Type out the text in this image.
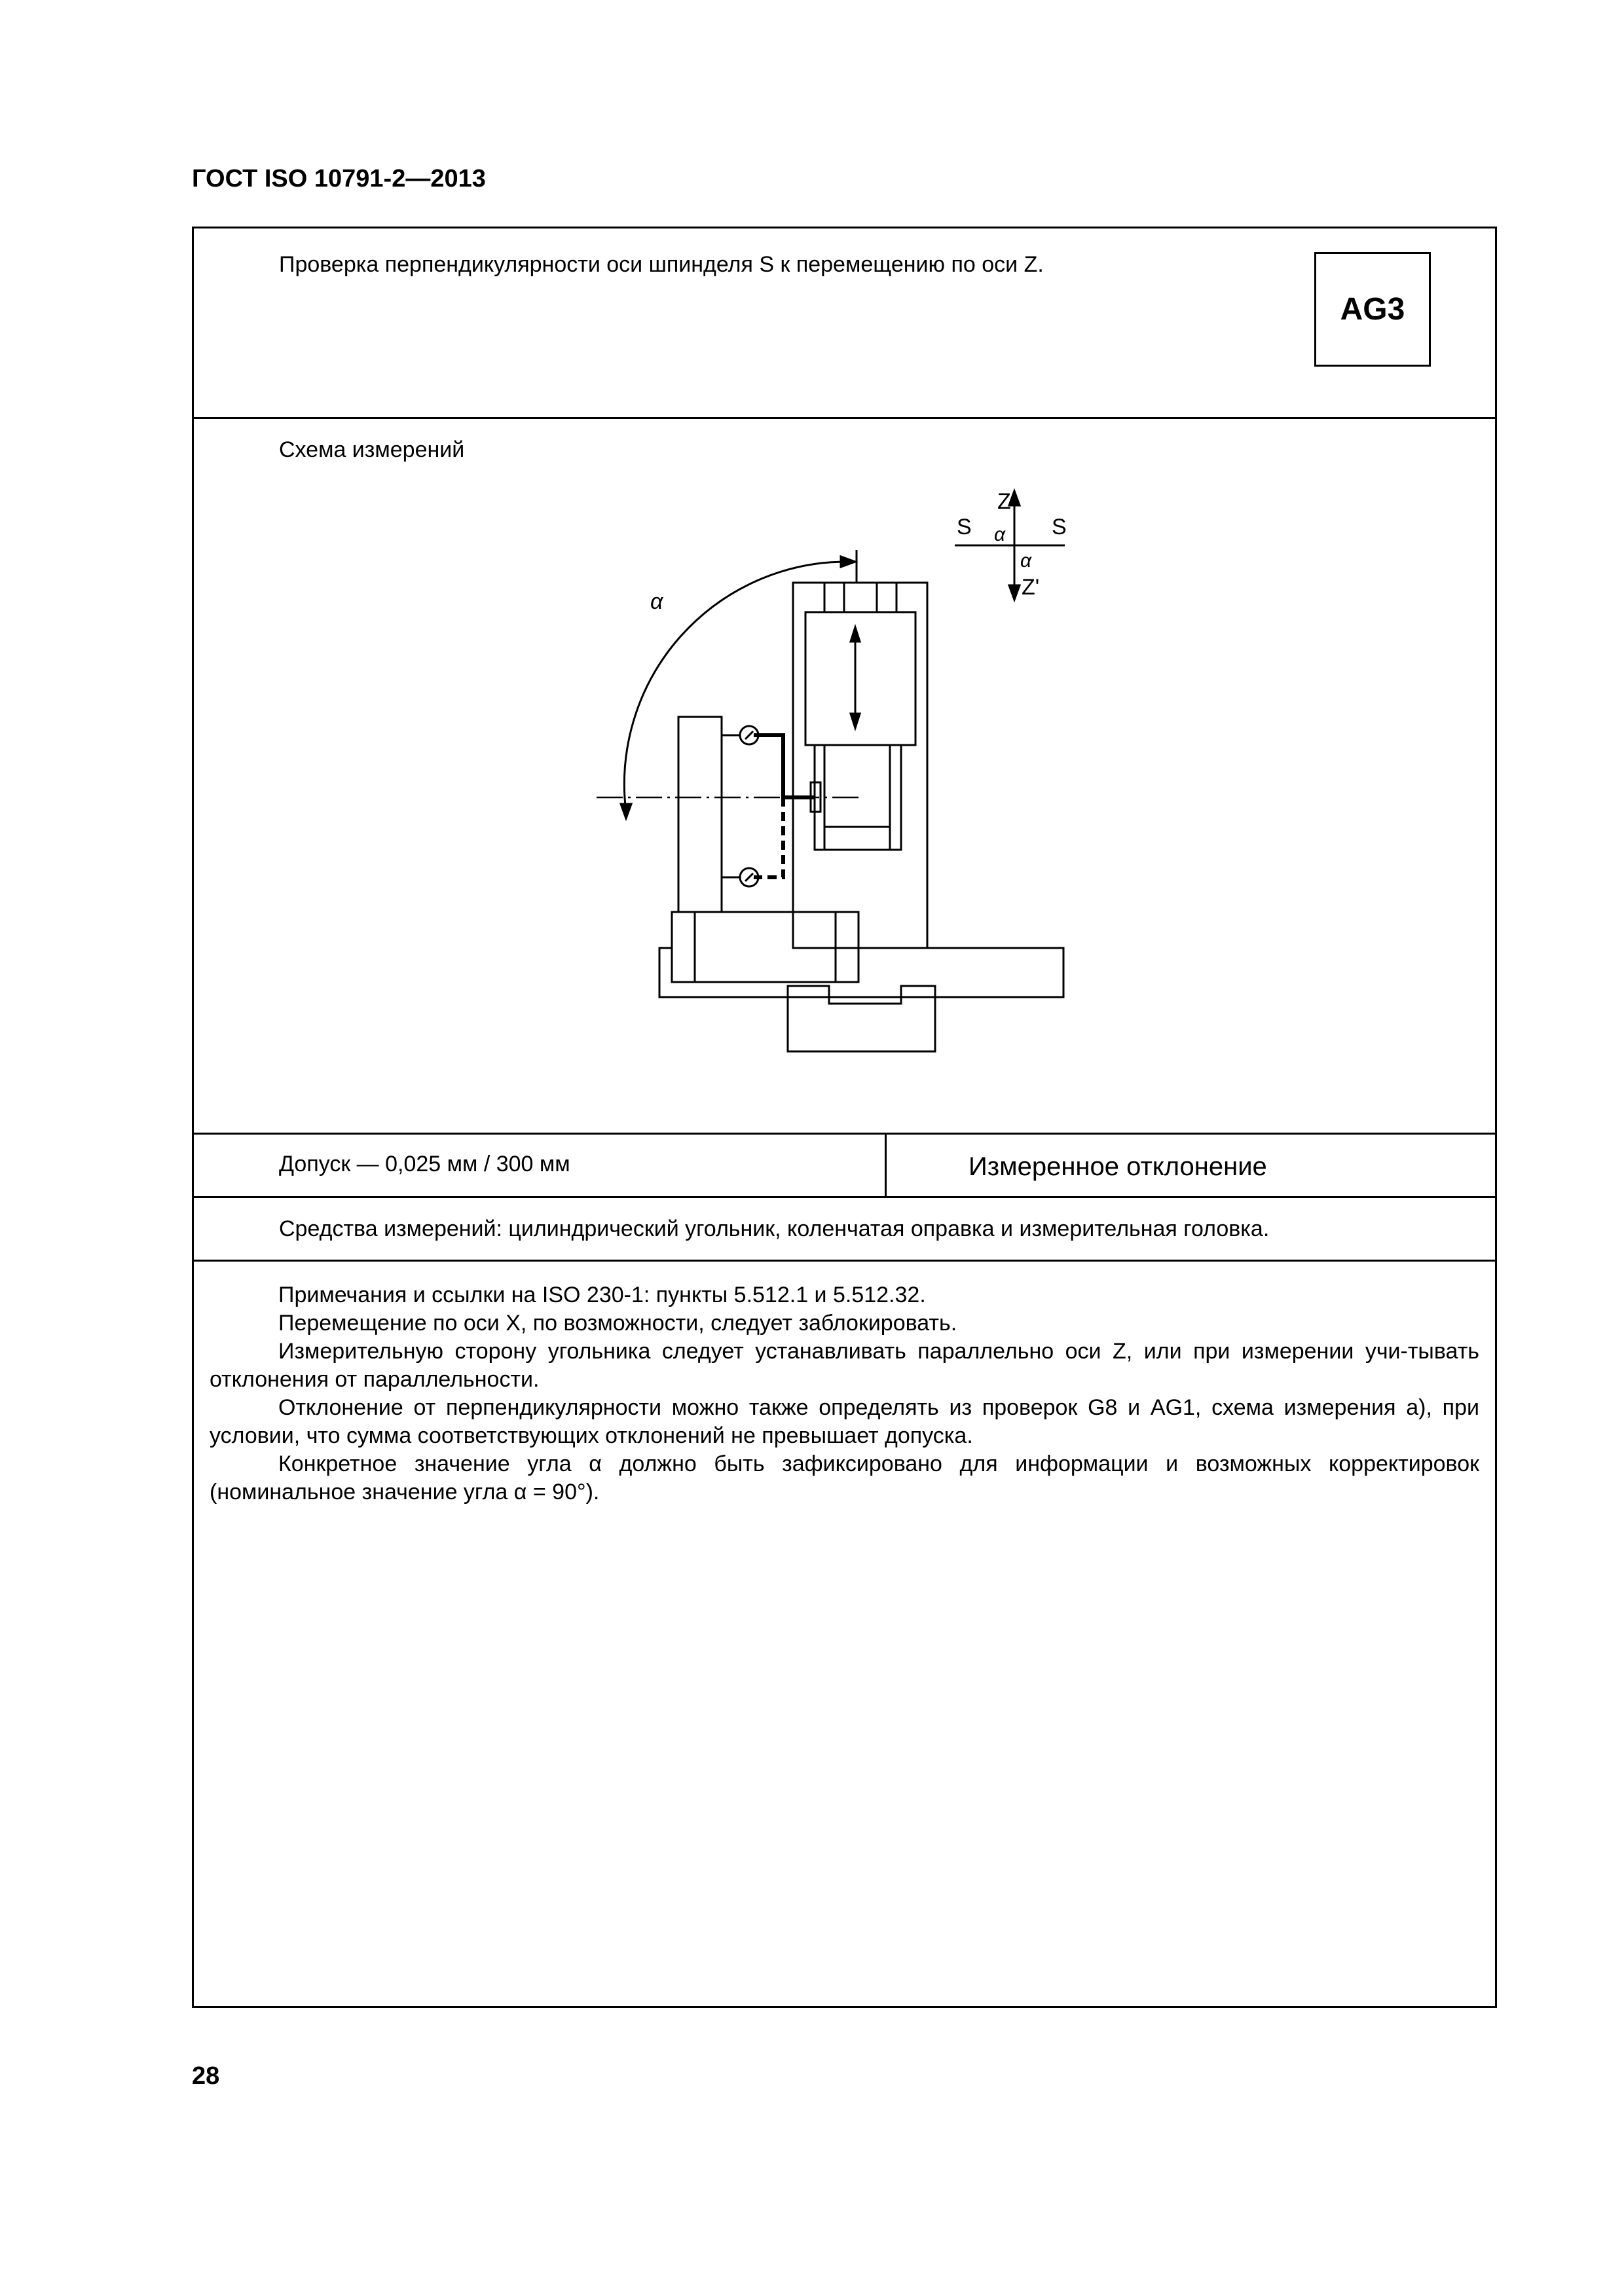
ГОСТ ISO 10791-2—2013
Проверка перпендикулярности оси шпинделя S к перемещению по оси Z.
AG3
Схема измерений
α
α
α
Z
Z'
S	S
Допуск — 0,025 мм / 300 мм	Измеренное отклонение
Средства измерений: цилиндрический угольник, коленчатая оправка и измерительная головка.

Примечания и ссылки на ISO 230-1: пункты 5.512.1 и 5.512.32.

Перемещение по оси X, по возможности, следует заблокировать.

Измерительную сторону угольника следует устанавливать параллельно оси Z, или при измерении учи-тывать отклонения от параллельности.

Отклонение от перпендикулярности можно также определять из проверок G8 и AG1, схема измерения а), при условии, что сумма соответствующих отклонений не превышает допуска.

Конкретное значение угла α должно быть зафиксировано для информации и возможных корректировок (номинальное значение угла α = 90°).

28
